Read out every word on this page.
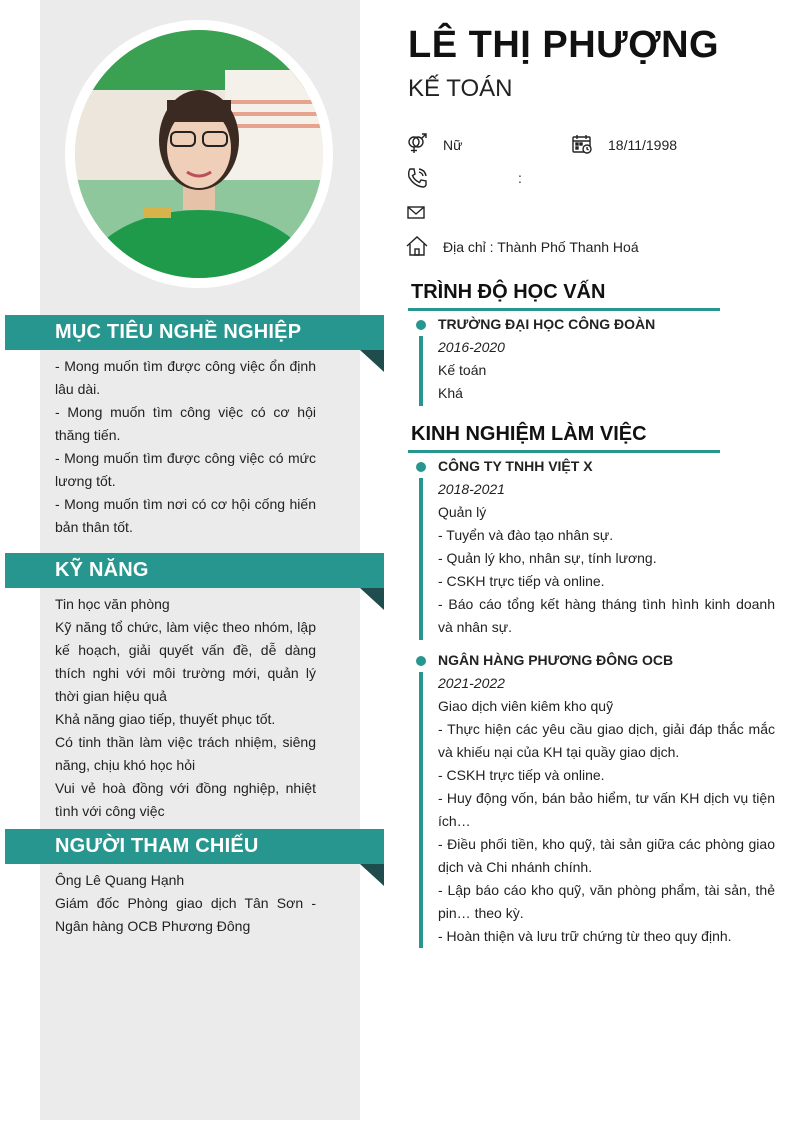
MỤC TIÊU NGHỀ NGHIỆP

- Mong muốn tìm được công việc ổn định lâu dài.

- Mong muốn tìm công việc có cơ hội thăng tiến.

- Mong muốn tìm được công việc có mức lương tốt.

- Mong muốn tìm nơi có cơ hội cống hiến bản thân tốt.

KỸ NĂNG

Tin học văn phòng

Kỹ năng tổ chức, làm việc theo nhóm, lập kế hoạch, giải quyết vấn đề, dễ dàng thích nghi với môi trường mới, quản lý thời gian hiệu quả

Khả năng giao tiếp, thuyết phục tốt.

Có tinh thần làm việc trách nhiệm, siêng năng, chịu khó học hỏi

Vui vẻ hoà đồng với đồng nghiệp, nhiệt tình với công việc

NGƯỜI THAM CHIẾU

Ông Lê Quang Hạnh

Giám đốc Phòng giao dịch Tân Sơn - Ngân hàng OCB Phương Đông

LÊ THỊ PHƯỢNG
KẾ TOÁN
Nữ	18/11/1998
:
Địa chỉ : Thành Phố Thanh Hoá
TRÌNH ĐỘ HỌC VẤN

TRƯỜNG ĐẠI HỌC CÔNG ĐOÀN

2016-2020

Kế toán

Khá

KINH NGHIỆM LÀM VIỆC

CÔNG TY TNHH VIỆT X

2018-2021

Quản lý

- Tuyển và đào tạo nhân sự.

- Quản lý kho, nhân sự, tính lương.

- CSKH trực tiếp và online.

- Báo cáo tổng kết hàng tháng tình hình kinh doanh và nhân sự.

NGÂN HÀNG PHƯƠNG ĐÔNG OCB

2021-2022

Giao dịch viên kiêm kho quỹ

- Thực hiện các yêu cầu giao dịch, giải đáp thắc mắc và khiếu nại của KH tại quầy giao dịch.

- CSKH trực tiếp và online.

- Huy động vốn, bán bảo hiểm, tư vấn KH dịch vụ tiện ích…

- Điều phối tiền, kho quỹ, tài sản giữa các phòng giao dịch và Chi nhánh chính.

- Lập báo cáo kho quỹ, văn phòng phẩm, tài sản, thẻ pin… theo kỳ.

- Hoàn thiện và lưu trữ chứng từ theo quy định.
